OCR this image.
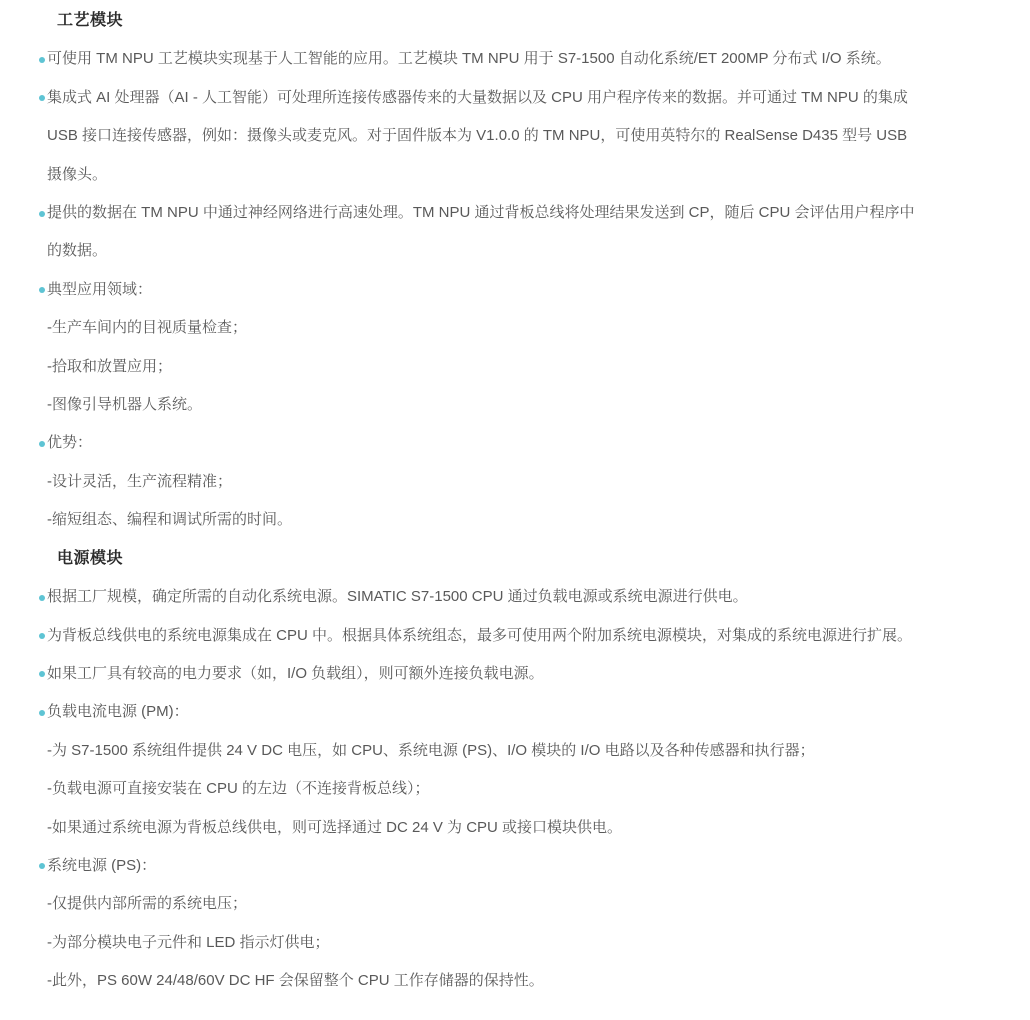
工艺模块
可使用 TM NPU 工艺模块实现基于人工智能的应用。工艺模块 TM NPU 用于 S7-1500 自动化系统/ET 200MP 分布式 I/O 系统。
集成式 AI 处理器（AI - 人工智能）可处理所连接传感器传来的大量数据以及 CPU 用户程序传来的数据。并可通过 TM NPU 的集成 USB 接口连接传感器，例如：摄像头或麦克风。对于固件版本为 V1.0.0 的 TM NPU，可使用英特尔的 RealSense D435 型号 USB 摄像头。
提供的数据在 TM NPU 中通过神经网络进行高速处理。TM NPU 通过背板总线将处理结果发送到 CP，随后 CPU 会评估用户程序中的数据。
典型应用领域：
-生产车间内的目视质量检查；
-拾取和放置应用；
-图像引导机器人系统。
优势：
-设计灵活，生产流程精准；
-缩短组态、编程和调试所需的时间。
电源模块
根据工厂规模，确定所需的自动化系统电源。SIMATIC S7-1500 CPU 通过负载电源或系统电源进行供电。
为背板总线供电的系统电源集成在 CPU 中。根据具体系统组态，最多可使用两个附加系统电源模块，对集成的系统电源进行扩展。
如果工厂具有较高的电力要求（如，I/O 负载组），则可额外连接负载电源。
负载电流电源 (PM)：
-为 S7-1500 系统组件提供 24 V DC 电压，如 CPU、系统电源 (PS)、I/O 模块的 I/O 电路以及各种传感器和执行器；
-负载电源可直接安装在 CPU 的左边（不连接背板总线）；
-如果通过系统电源为背板总线供电，则可选择通过 DC 24 V 为 CPU 或接口模块供电。
系统电源 (PS)：
-仅提供内部所需的系统电压；
-为部分模块电子元件和 LED 指示灯供电；
-此外，PS 60W 24/48/60V DC HF 会保留整个 CPU 工作存储器的保持性。
